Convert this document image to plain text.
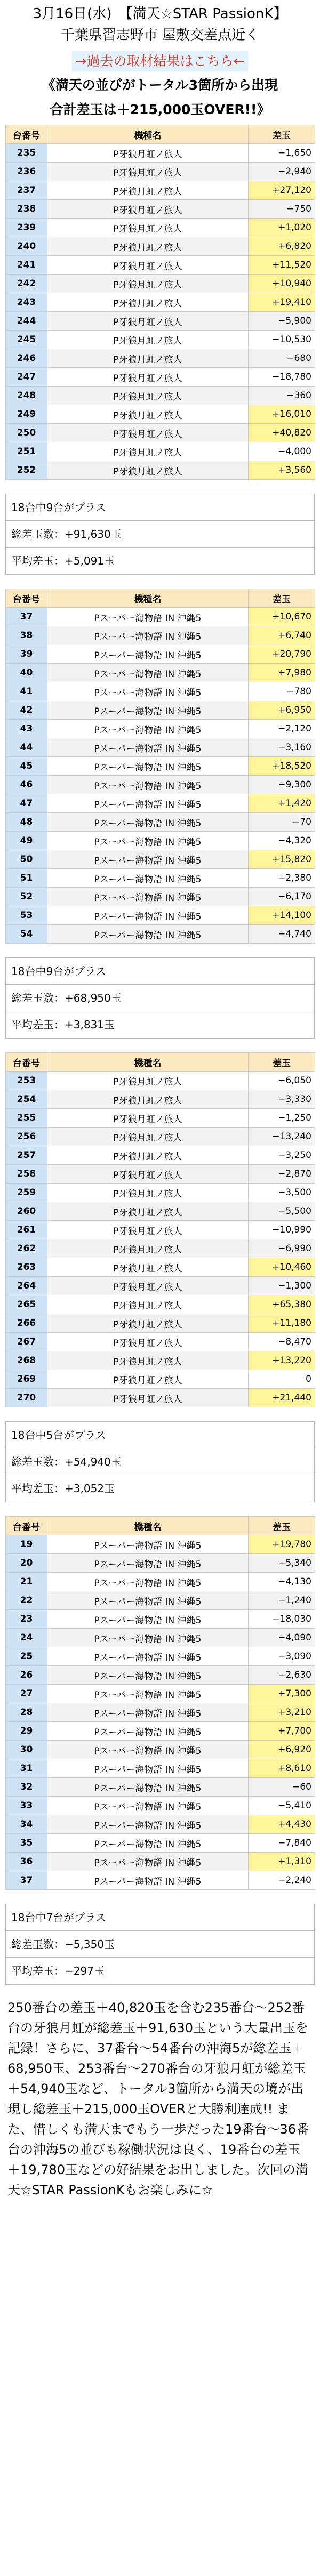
3月16日(水)　【満天☆STAR PassionK】
千葉県習志野市 屋敷交差点近く
→過去の取材結果はこちら←
《満天の並びがトータル3箇所から出現
合計差玉は＋215,000玉OVER!!》
台番号	機種名	差玉
235	P牙狼月虹ノ旅人	−1,650
236	P牙狼月虹ノ旅人	−2,940
237	P牙狼月虹ノ旅人	+27,120
238	P牙狼月虹ノ旅人	−750
239	P牙狼月虹ノ旅人	+1,020
240	P牙狼月虹ノ旅人	+6,820
241	P牙狼月虹ノ旅人	+11,520
242	P牙狼月虹ノ旅人	+10,940
243	P牙狼月虹ノ旅人	+19,410
244	P牙狼月虹ノ旅人	−5,900
245	P牙狼月虹ノ旅人	−10,530
246	P牙狼月虹ノ旅人	−680
247	P牙狼月虹ノ旅人	−18,780
248	P牙狼月虹ノ旅人	−360
249	P牙狼月虹ノ旅人	+16,010
250	P牙狼月虹ノ旅人	+40,820
251	P牙狼月虹ノ旅人	−4,000
252	P牙狼月虹ノ旅人	+3,560
18台中9台がプラス
総差玉数：+91,630玉
平均差玉：+5,091玉
台番号	機種名	差玉
37	Pスーパー海物語 IN 沖縄5	+10,670
38	Pスーパー海物語 IN 沖縄5	+6,740
39	Pスーパー海物語 IN 沖縄5	+20,790
40	Pスーパー海物語 IN 沖縄5	+7,980
41	Pスーパー海物語 IN 沖縄5	−780
42	Pスーパー海物語 IN 沖縄5	+6,950
43	Pスーパー海物語 IN 沖縄5	−2,120
44	Pスーパー海物語 IN 沖縄5	−3,160
45	Pスーパー海物語 IN 沖縄5	+18,520
46	Pスーパー海物語 IN 沖縄5	−9,300
47	Pスーパー海物語 IN 沖縄5	+1,420
48	Pスーパー海物語 IN 沖縄5	−70
49	Pスーパー海物語 IN 沖縄5	−4,320
50	Pスーパー海物語 IN 沖縄5	+15,820
51	Pスーパー海物語 IN 沖縄5	−2,380
52	Pスーパー海物語 IN 沖縄5	−6,170
53	Pスーパー海物語 IN 沖縄5	+14,100
54	Pスーパー海物語 IN 沖縄5	−4,740
18台中9台がプラス
総差玉数：+68,950玉
平均差玉：+3,831玉
台番号	機種名	差玉
253	P牙狼月虹ノ旅人	−6,050
254	P牙狼月虹ノ旅人	−3,330
255	P牙狼月虹ノ旅人	−1,250
256	P牙狼月虹ノ旅人	−13,240
257	P牙狼月虹ノ旅人	−3,250
258	P牙狼月虹ノ旅人	−2,870
259	P牙狼月虹ノ旅人	−3,500
260	P牙狼月虹ノ旅人	−5,500
261	P牙狼月虹ノ旅人	−10,990
262	P牙狼月虹ノ旅人	−6,990
263	P牙狼月虹ノ旅人	+10,460
264	P牙狼月虹ノ旅人	−1,300
265	P牙狼月虹ノ旅人	+65,380
266	P牙狼月虹ノ旅人	+11,180
267	P牙狼月虹ノ旅人	−8,470
268	P牙狼月虹ノ旅人	+13,220
269	P牙狼月虹ノ旅人	0
270	P牙狼月虹ノ旅人	+21,440
18台中5台がプラス
総差玉数：+54,940玉
平均差玉：+3,052玉
台番号	機種名	差玉
19	Pスーパー海物語 IN 沖縄5	+19,780
20	Pスーパー海物語 IN 沖縄5	−5,340
21	Pスーパー海物語 IN 沖縄5	−4,130
22	Pスーパー海物語 IN 沖縄5	−1,240
23	Pスーパー海物語 IN 沖縄5	−18,030
24	Pスーパー海物語 IN 沖縄5	−4,090
25	Pスーパー海物語 IN 沖縄5	−3,090
26	Pスーパー海物語 IN 沖縄5	−2,630
27	Pスーパー海物語 IN 沖縄5	+7,300
28	Pスーパー海物語 IN 沖縄5	+3,210
29	Pスーパー海物語 IN 沖縄5	+7,700
30	Pスーパー海物語 IN 沖縄5	+6,920
31	Pスーパー海物語 IN 沖縄5	+8,610
32	Pスーパー海物語 IN 沖縄5	−60
33	Pスーパー海物語 IN 沖縄5	−5,410
34	Pスーパー海物語 IN 沖縄5	+4,430
35	Pスーパー海物語 IN 沖縄5	−7,840
36	Pスーパー海物語 IN 沖縄5	+1,310
37	Pスーパー海物語 IN 沖縄5	−2,240
18台中7台がプラス
総差玉数：−5,350玉
平均差玉：−297玉
250番台の差玉＋40,820玉を含む235番台〜252番台の牙狼月虹が総差玉＋91,630玉という大量出玉を記録！さらに、37番台〜54番台の沖海5が総差玉＋68,950玉、253番台〜270番台の牙狼月虹が総差玉＋54,940玉など、トータル3箇所から満天の境が出現し総差玉＋215,000玉OVERと大勝利達成!! また、惜しくも満天までもう一歩だった19番台〜36番台の沖海5の並びも稼働状況は良く、19番台の差玉＋19,780玉などの好結果をお出しました。次回の満天☆STAR PassionKもお楽しみに☆
